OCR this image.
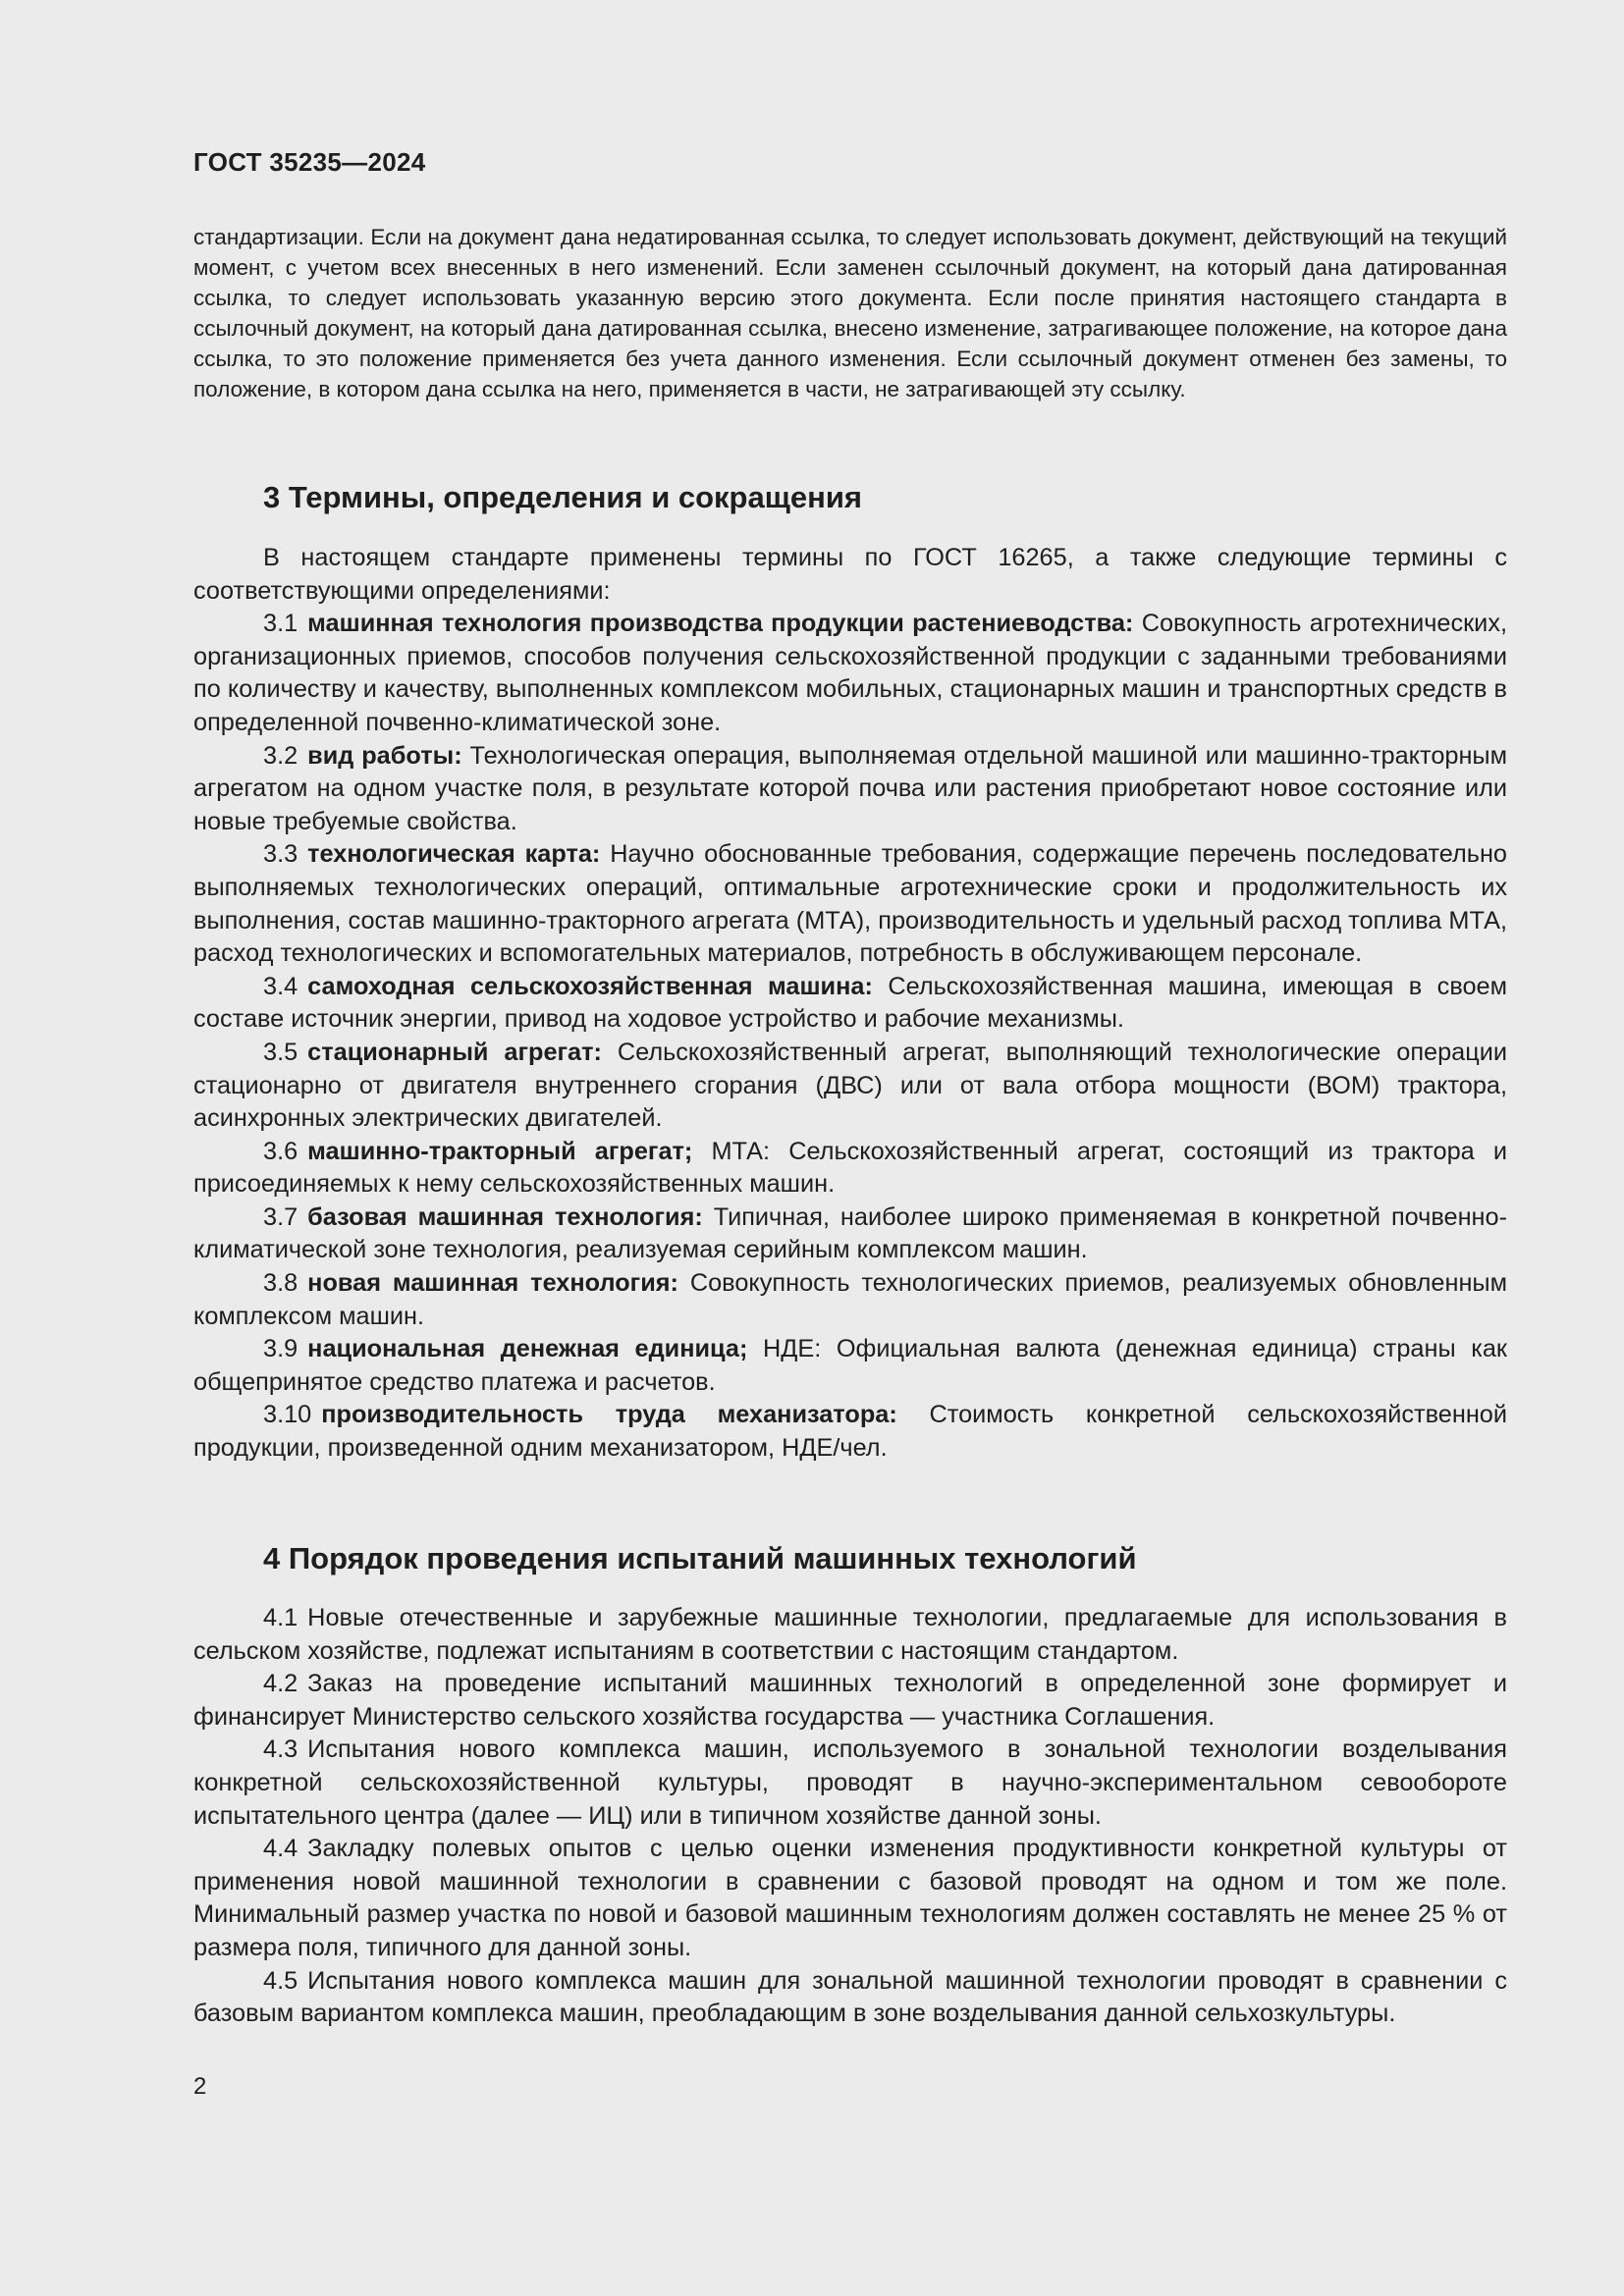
ГОСТ 35235—2024
стандартизации. Если на документ дана недатированная ссылка, то следует использовать документ, действующий на текущий момент, с учетом всех внесенных в него изменений. Если заменен ссылочный документ, на который дана датированная ссылка, то следует использовать указанную версию этого документа. Если после принятия настоящего стандарта в ссылочный документ, на который дана датированная ссылка, внесено изменение, затрагивающее положение, на которое дана ссылка, то это положение применяется без учета данного изменения. Если ссылочный документ отменен без замены, то положение, в котором дана ссылка на него, применяется в части, не затрагивающей эту ссылку.
3 Термины, определения и сокращения

В настоящем стандарте применены термины по ГОСТ 16265, а также следующие термины с соответствующими определениями:

3.1 машинная технология производства продукции растениеводства: Совокупность агротехнических, организационных приемов, способов получения сельскохозяйственной продукции с заданными требованиями по количеству и качеству, выполненных комплексом мобильных, стационарных машин и транспортных средств в определенной почвенно-климатической зоне.

3.2 вид работы: Технологическая операция, выполняемая отдельной машиной или машинно-тракторным агрегатом на одном участке поля, в результате которой почва или растения приобретают новое состояние или новые требуемые свойства.

3.3 технологическая карта: Научно обоснованные требования, содержащие перечень последовательно выполняемых технологических операций, оптимальные агротехнические сроки и продолжительность их выполнения, состав машинно-тракторного агрегата (МТА), производительность и удельный расход топлива МТА, расход технологических и вспомогательных материалов, потребность в обслуживающем персонале.

3.4 самоходная сельскохозяйственная машина: Сельскохозяйственная машина, имеющая в своем составе источник энергии, привод на ходовое устройство и рабочие механизмы.

3.5 стационарный агрегат: Сельскохозяйственный агрегат, выполняющий технологические операции стационарно от двигателя внутреннего сгорания (ДВС) или от вала отбора мощности (ВОМ) трактора, асинхронных электрических двигателей.

3.6 машинно-тракторный агрегат; МТА: Сельскохозяйственный агрегат, состоящий из трактора и присоединяемых к нему сельскохозяйственных машин.

3.7 базовая машинная технология: Типичная, наиболее широко применяемая в конкретной почвенно-климатической зоне технология, реализуемая серийным комплексом машин.

3.8 новая машинная технология: Совокупность технологических приемов, реализуемых обновленным комплексом машин.

3.9 национальная денежная единица; НДЕ: Официальная валюта (денежная единица) страны как общепринятое средство платежа и расчетов.

3.10 производительность труда механизатора: Стоимость конкретной сельскохозяйственной продукции, произведенной одним механизатором, НДЕ/чел.

4 Порядок проведения испытаний машинных технологий

4.1 Новые отечественные и зарубежные машинные технологии, предлагаемые для использования в сельском хозяйстве, подлежат испытаниям в соответствии с настоящим стандартом.

4.2 Заказ на проведение испытаний машинных технологий в определенной зоне формирует и финансирует Министерство сельского хозяйства государства — участника Соглашения.

4.3 Испытания нового комплекса машин, используемого в зональной технологии возделывания конкретной сельскохозяйственной культуры, проводят в научно-экспериментальном севообороте испытательного центра (далее — ИЦ) или в типичном хозяйстве данной зоны.

4.4 Закладку полевых опытов с целью оценки изменения продуктивности конкретной культуры от применения новой машинной технологии в сравнении с базовой проводят на одном и том же поле. Минимальный размер участка по новой и базовой машинным технологиям должен составлять не менее 25 % от размера поля, типичного для данной зоны.

4.5 Испытания нового комплекса машин для зональной машинной технологии проводят в сравнении с базовым вариантом комплекса машин, преобладающим в зоне возделывания данной сельхозкультуры.

2
